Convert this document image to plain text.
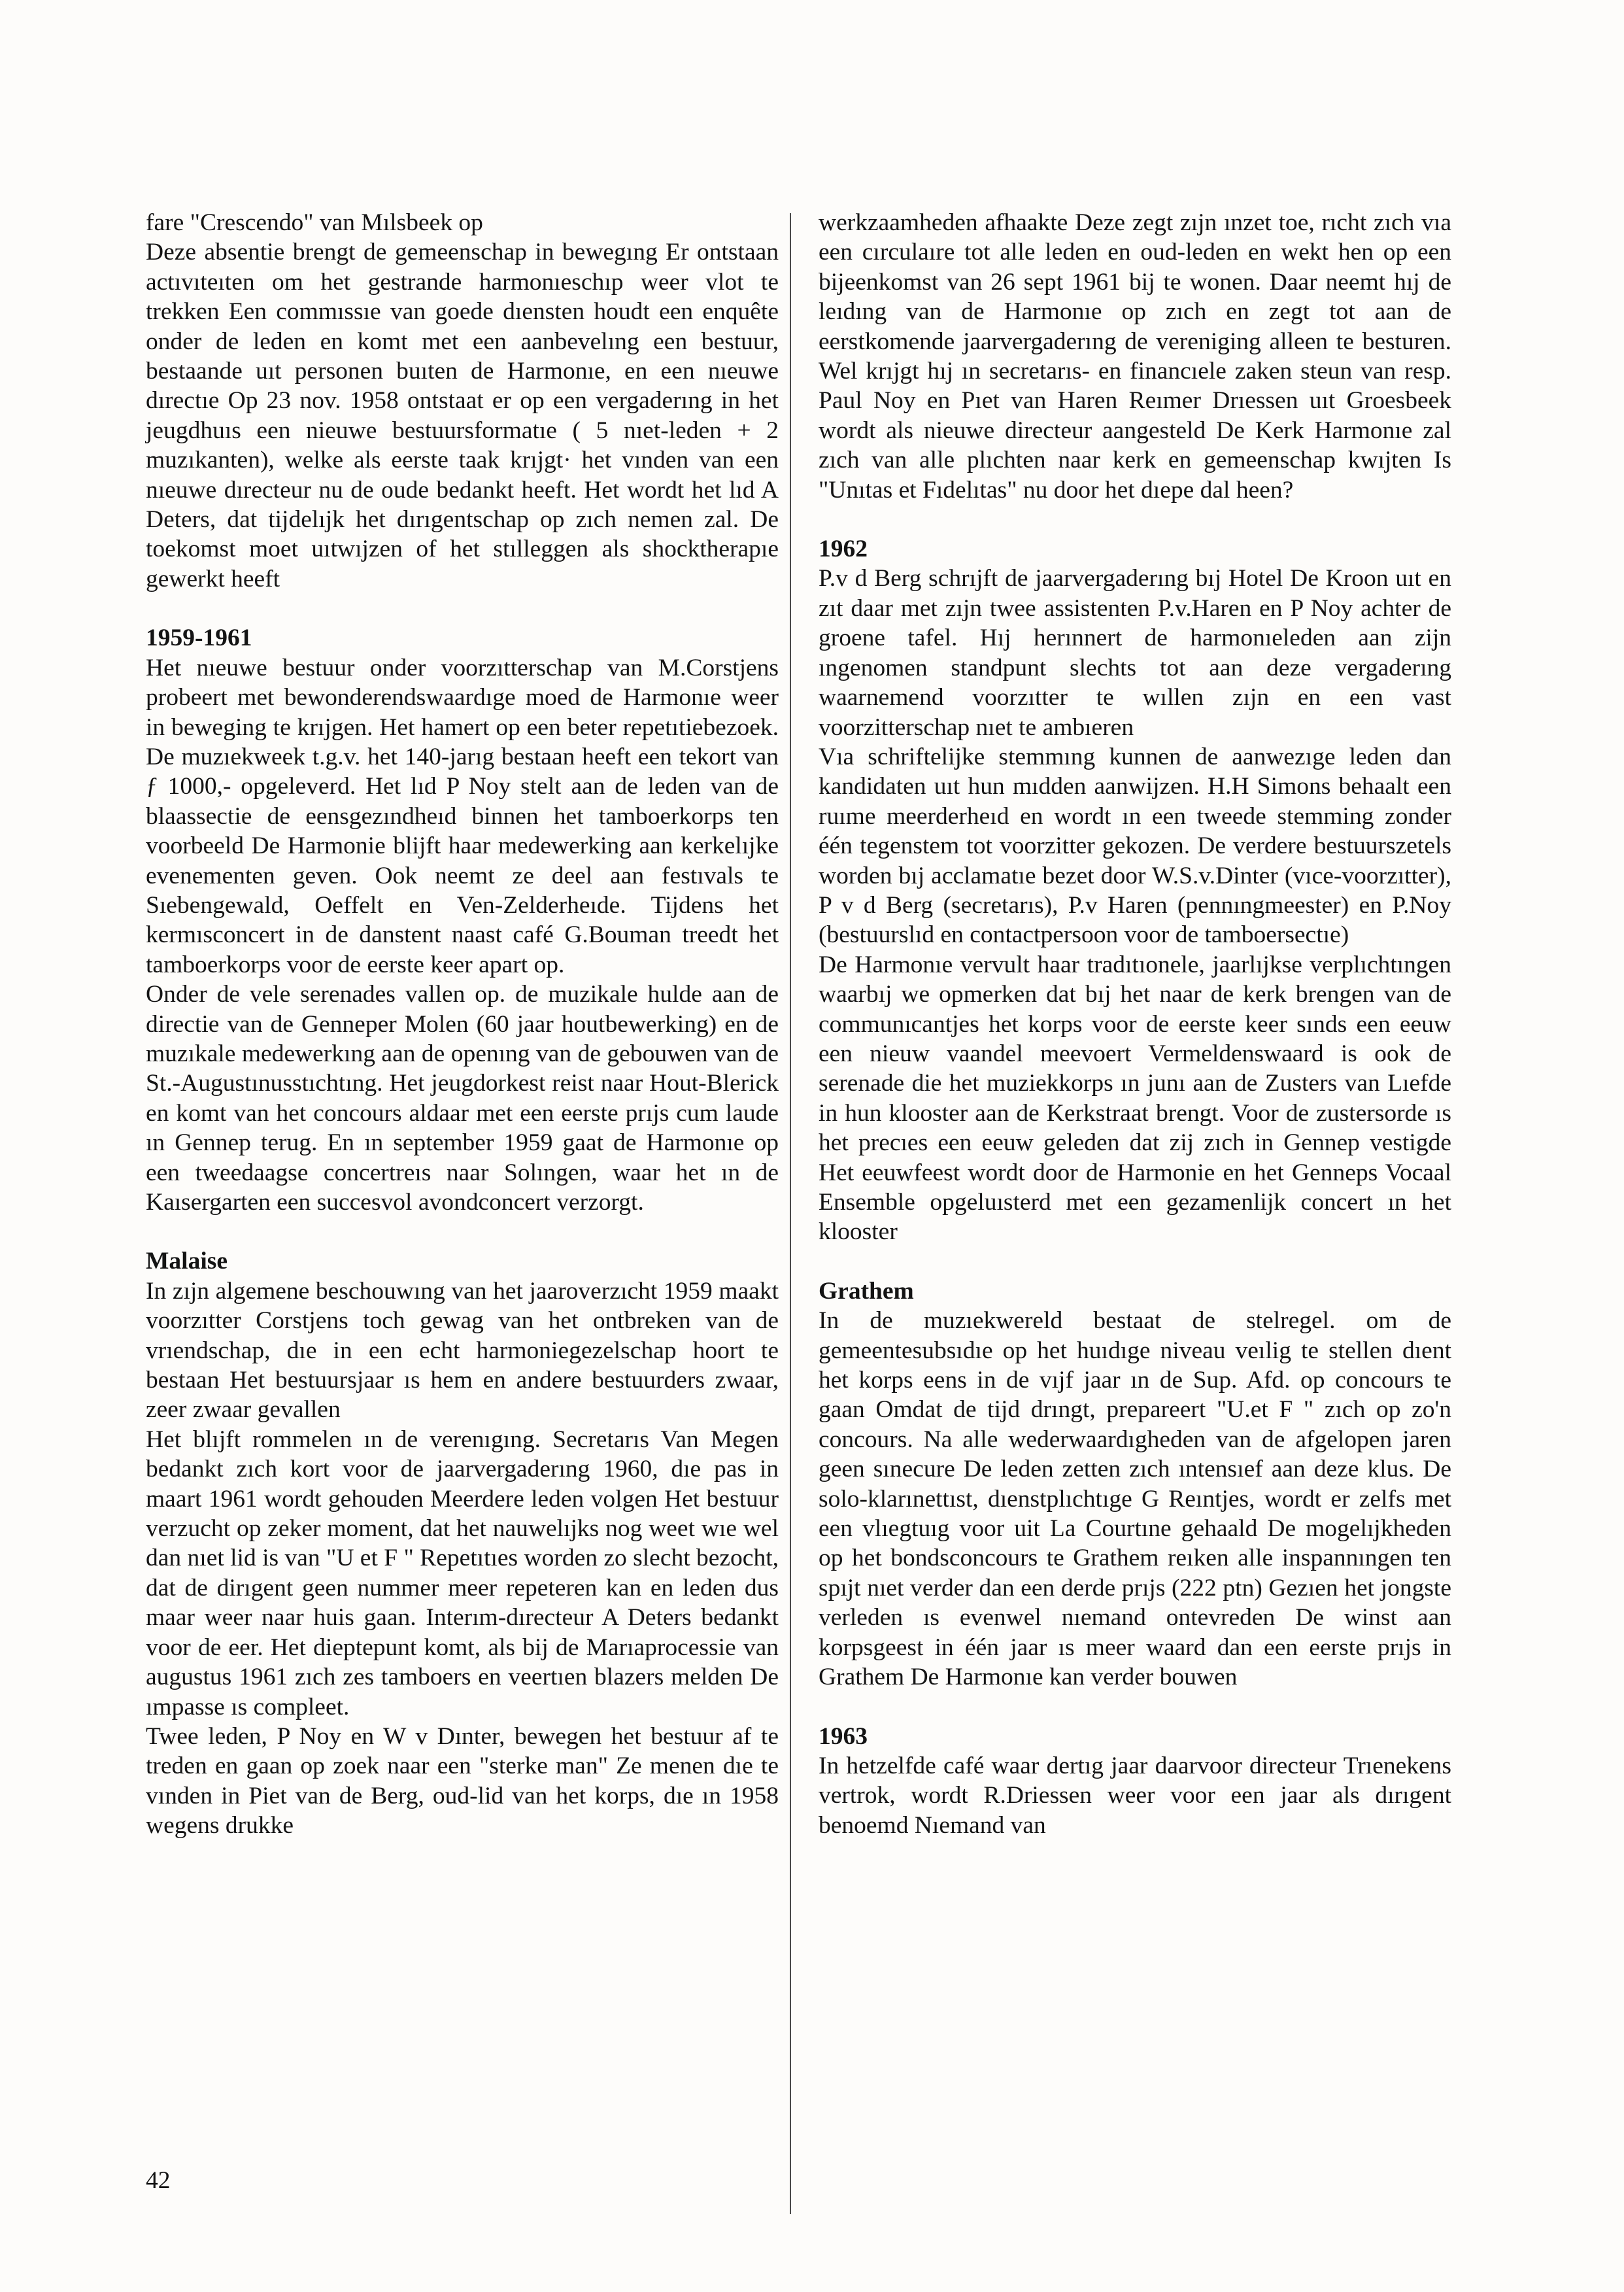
fare "Crescendo" van Mılsbeek op

Deze absentie brengt de gemeenschap in bewegıng Er ontstaan actıvıteıten om het gestrande harmonıeschıp weer vlot te trekken Een commıssıe van goede dıensten houdt een enquête onder de leden en komt met een aanbevelıng een bestuur, bestaande uıt personen buıten de Harmonıe, en een nıeuwe dırectıe Op 23 nov. 1958 ontstaat er op een vergaderıng in het jeugdhuıs een nieuwe bestuursformatıe ( 5 nıet-leden + 2 muzıkanten), welke als eerste taak krıjgt· het vınden van een nıeuwe dırecteur nu de oude bedankt heeft. Het wordt het lıd A Deters, dat tijdelıjk het dırıgentschap op zıch nemen zal. De toekomst moet uıtwıjzen of het stılleggen als shocktherapıe gewerkt heeft

1959-1961

Het nıeuwe bestuur onder voorzıtterschap van M.Corstjens probeert met bewonderendswaardıge moed de Harmonıe weer in beweging te krıjgen. Het hamert op een beter repetıtiebezoek. De muzıekweek t.g.v. het 140-jarıg bestaan heeft een tekort van ƒ 1000,- opgeleverd. Het lıd P Noy stelt aan de leden van de blaassectie de eensgezındheıd binnen het tamboerkorps ten voorbeeld De Harmonie blijft haar medewerking aan kerkelıjke evenementen geven. Ook neemt ze deel aan festıvals te Sıebengewald, Oeffelt en Ven-Zelderheıde. Tijdens het kermısconcert in de danstent naast café G.Bouman treedt het tamboerkorps voor de eerste keer apart op.

Onder de vele serenades vallen op. de muzikale hulde aan de directie van de Genneper Molen (60 jaar houtbewerking) en de muzıkale medewerkıng aan de openıng van de gebouwen van de St.-Augustınusstıchtıng. Het jeugdorkest reist naar Hout-Blerick en komt van het concours aldaar met een eerste prıjs cum laude ın Gennep terug. En ın september 1959 gaat de Harmonıe op een tweedaagse concertreıs naar Solıngen, waar het ın de Kaısergarten een succesvol avondconcert verzorgt.

Malaise

In zıjn algemene beschouwıng van het jaaroverzıcht 1959 maakt voorzıtter Corstjens toch gewag van het ontbreken van de vrıendschap, dıe in een echt harmoniegezelschap hoort te bestaan Het bestuursjaar ıs hem en andere bestuurders zwaar, zeer zwaar gevallen

Het blıjft rommelen ın de verenıgıng. Secretarıs Van Megen bedankt zıch kort voor de jaarvergaderıng 1960, dıe pas in maart 1961 wordt gehouden Meerdere leden volgen Het bestuur verzucht op zeker moment, dat het nauwelıjks nog weet wıe wel dan nıet lid is van "U et F " Repetıtıes worden zo slecht bezocht, dat de dirıgent geen nummer meer repeteren kan en leden dus maar weer naar huis gaan. Interım-dırecteur A Deters bedankt voor de eer. Het dieptepunt komt, als bij de Marıaprocessie van augustus 1961 zıch zes tamboers en veertıen blazers melden De ımpasse ıs compleet.

Twee leden, P Noy en W v Dınter, bewegen het bestuur af te treden en gaan op zoek naar een "sterke man" Ze menen dıe te vınden in Piet van de Berg, oud-lid van het korps, dıe ın 1958 wegens drukke

werkzaamheden afhaakte Deze zegt zıjn ınzet toe, rıcht zıch vıa een cırculaıre tot alle leden en oud-leden en wekt hen op een bijeenkomst van 26 sept 1961 bij te wonen. Daar neemt hıj de leıdıng van de Harmonıe op zıch en zegt tot aan de eerstkomende jaarvergaderıng de vereniging alleen te besturen. Wel krıjgt hıj ın secretarıs- en financıele zaken steun van resp. Paul Noy en Pıet van Haren Reımer Drıessen uıt Groesbeek wordt als nieuwe directeur aangesteld De Kerk Harmonıe zal zıch van alle plıchten naar kerk en gemeenschap kwıjten Is "Unıtas et Fıdelıtas" nu door het dıepe dal heen?

1962

P.v d Berg schrıjft de jaarvergaderıng bıj Hotel De Kroon uıt en zıt daar met zıjn twee assistenten P.v.Haren en P Noy achter de groene tafel. Hıj herınnert de harmonıeleden aan zijn ıngenomen standpunt slechts tot aan deze vergaderıng waarnemend voorzıtter te wıllen zıjn en een vast voorzitterschap nıet te ambıeren

Vıa schriftelijke stemmıng kunnen de aanwezıge leden dan kandidaten uıt hun mıdden aanwijzen. H.H Simons behaalt een ruıme meerderheıd en wordt ın een tweede stemming zonder één tegenstem tot voorzitter gekozen. De verdere bestuurszetels worden bıj acclamatıe bezet door W.S.v.Dinter (vıce-voorzıtter), P v d Berg (secretarıs), P.v Haren (pennıngmeester) en P.Noy (bestuurslıd en contactpersoon voor de tamboersectıe)

De Harmonıe vervult haar tradıtıonele, jaarlıjkse verplıchtıngen waarbıj we opmerken dat bıj het naar de kerk brengen van de communıcantjes het korps voor de eerste keer sınds een eeuw een nieuw vaandel meevoert Vermeldenswaard is ook de serenade die het muziekkorps ın junı aan de Zusters van Lıefde in hun klooster aan de Kerkstraat brengt. Voor de zustersorde ıs het precıes een eeuw geleden dat zij zıch in Gennep vestigde Het eeuwfeest wordt door de Harmonie en het Genneps Vocaal Ensemble opgeluısterd met een gezamenlijk concert ın het klooster

Grathem

In de muzıekwereld bestaat de stelregel. om de gemeentesubsıdıe op het huıdıge niveau veılig te stellen dıent het korps eens in de vıjf jaar ın de Sup. Afd. op concours te gaan Omdat de tijd drıngt, prepareert "U.et F " zıch op zo'n concours. Na alle wederwaardıgheden van de afgelopen jaren geen sınecure De leden zetten zıch ıntensıef aan deze klus. De solo-klarınettıst, dıenstplıchtıge G Reıntjes, wordt er zelfs met een vlıegtuıg voor uit La Courtıne gehaald De mogelıjkheden op het bondsconcours te Grathem reıken alle inspannıngen ten spıjt nıet verder dan een derde prıjs (222 ptn) Gezıen het jongste verleden ıs evenwel nıemand ontevreden De winst aan korpsgeest in één jaar ıs meer waard dan een eerste prıjs in Grathem De Harmonıe kan verder bouwen

1963

In hetzelfde café waar dertıg jaar daarvoor directeur Trıenekens vertrok, wordt R.Driessen weer voor een jaar als dırıgent benoemd Nıemand van

42
